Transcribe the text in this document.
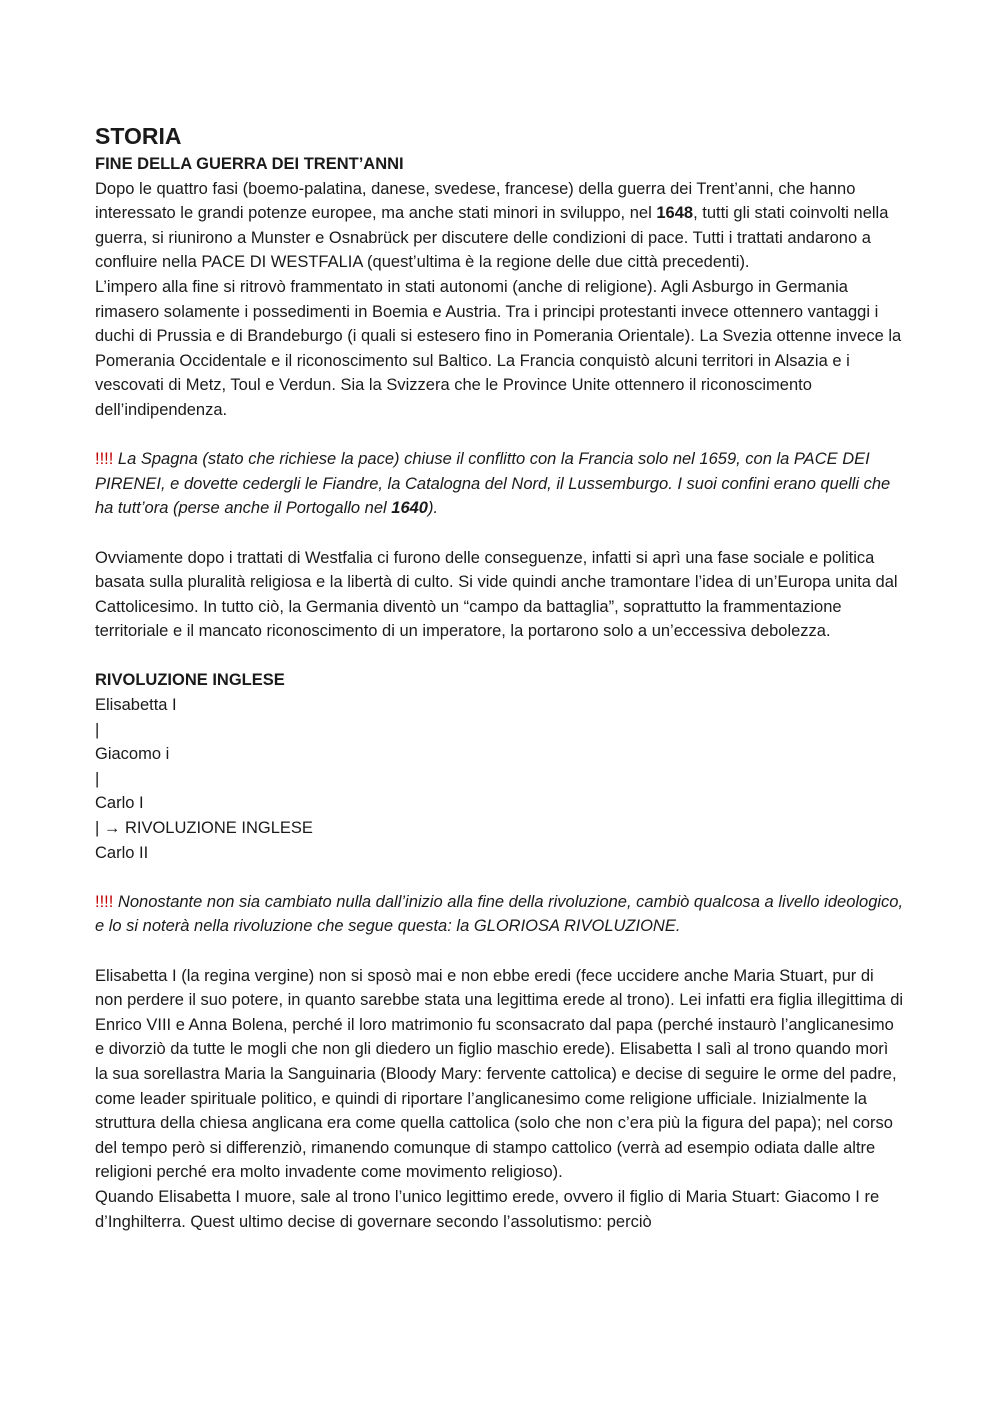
STORIA

FINE DELLA GUERRA DEI TRENT’ANNI

Dopo le quattro fasi (boemo-palatina, danese, svedese, francese) della guerra dei Trent’anni, che hanno interessato le grandi potenze europee, ma anche stati minori in sviluppo, nel 1648, tutti gli stati coinvolti nella guerra, si riunirono a Munster e Osnabrück per discutere delle condizioni di pace. Tutti i trattati andarono a confluire nella PACE DI WESTFALIA (quest’ultima è la regione delle due città precedenti).

L’impero alla fine si ritrovò frammentato in stati autonomi (anche di religione). Agli Asburgo in Germania rimasero solamente i possedimenti in Boemia e Austria. Tra i principi protestanti invece ottennero vantaggi i duchi di Prussia e di Brandeburgo (i quali si estesero fino in Pomerania Orientale). La Svezia ottenne invece la Pomerania Occidentale e il riconoscimento sul Baltico. La Francia conquistò alcuni territori in Alsazia e i vescovati di Metz, Toul e Verdun. Sia la Svizzera che le Province Unite ottennero il riconoscimento dell’indipendenza.

!!!! La Spagna (stato che richiese la pace) chiuse il conflitto con la Francia solo nel 1659, con la PACE DEI PIRENEI, e dovette cedergli le Fiandre, la Catalogna del Nord, il Lussemburgo. I suoi confini erano quelli che ha tutt’ora (perse anche il Portogallo nel 1640).

Ovviamente dopo i trattati di Westfalia ci furono delle conseguenze, infatti si aprì una fase sociale e politica basata sulla pluralità religiosa e la libertà di culto. Si vide quindi anche tramontare l’idea di un’Europa unita dal Cattolicesimo. In tutto ciò, la Germania diventò un “campo da battaglia”, soprattutto la frammentazione territoriale e il mancato riconoscimento di un imperatore, la portarono solo a un’eccessiva debolezza.

RIVOLUZIONE INGLESE

Elisabetta I

|

Giacomo i

|

Carlo I

| → RIVOLUZIONE INGLESE

Carlo II

!!!! Nonostante non sia cambiato nulla dall’inizio alla fine della rivoluzione, cambiò qualcosa a livello ideologico, e lo si noterà nella rivoluzione che segue questa: la GLORIOSA RIVOLUZIONE.

Elisabetta I (la regina vergine) non si sposò mai e non ebbe eredi (fece uccidere anche Maria Stuart, pur di non perdere il suo potere, in quanto sarebbe stata una legittima erede al trono). Lei infatti era figlia illegittima di Enrico VIII e Anna Bolena, perché il loro matrimonio fu sconsacrato dal papa (perché instaurò l’anglicanesimo e divorziò da tutte le mogli che non gli diedero un figlio maschio erede). Elisabetta I salì al trono quando morì la sua sorellastra Maria la Sanguinaria (Bloody Mary: fervente cattolica) e decise di seguire le orme del padre, come leader spirituale politico, e quindi di riportare l’anglicanesimo come religione ufficiale. Inizialmente la struttura della chiesa anglicana era come quella cattolica (solo che non c’era più la figura del papa); nel corso del tempo però si differenziò, rimanendo comunque di stampo cattolico (verrà ad esempio odiata dalle altre religioni perché era molto invadente come movimento religioso).

Quando Elisabetta I muore, sale al trono l’unico legittimo erede, ovvero il figlio di Maria Stuart: Giacomo I re d’Inghilterra. Quest ultimo decise di governare secondo l’assolutismo: perciò
